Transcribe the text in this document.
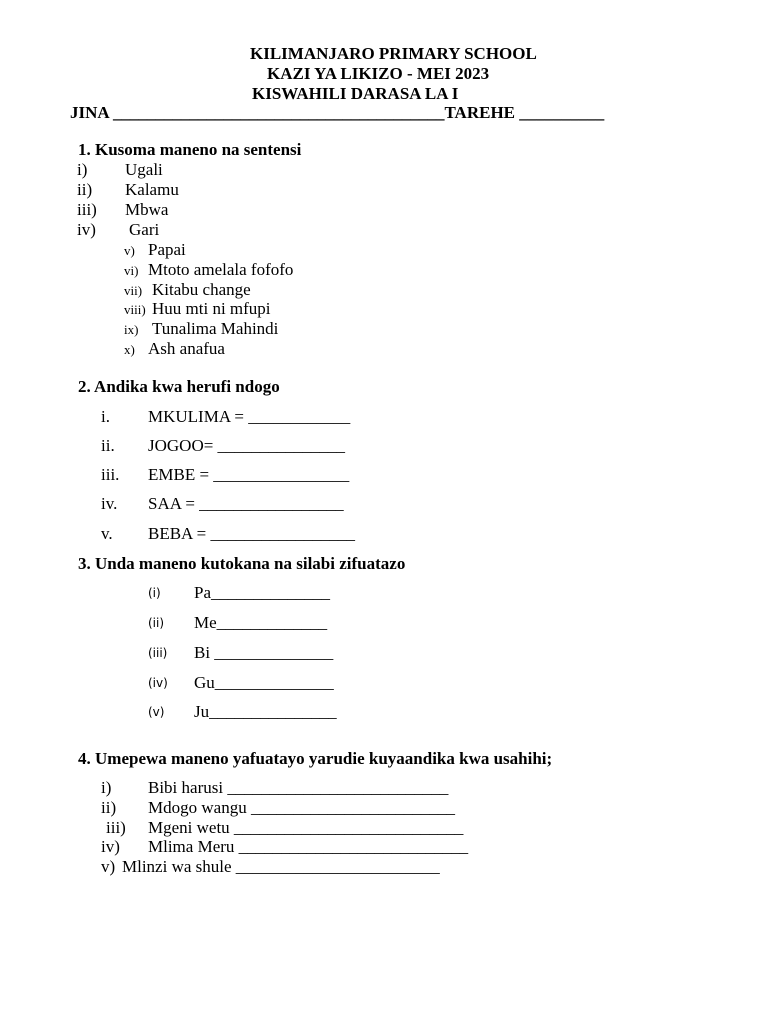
KILIMANJARO PRIMARY SCHOOL
KAZI YA LIKIZO - MEI 2023
KISWAHILI DARASA LA I
JINA _______________________________________TAREHE __________
1. Kusoma maneno na sentensi
i) Ugali
ii) Kalamu
iii) Mbwa
iv) Gari
v) Papai
vi) Mtoto amelala fofofo
vii) Kitabu change
viii) Huu mti ni mfupi
ix) Tunalima Mahindi
x) Ash anafua
2. Andika kwa herufi ndogo
i. MKULIMA = ____________
ii. JOGOO= _______________
iii. EMBE = ________________
iv. SAA = _________________
v. BEBA = _________________
3. Unda maneno kutokana na silabi zifuatazo
(i) Pa______________
(ii) Me_____________
(iii) Bi ______________
(iv) Gu______________
(v) Ju_______________
4. Umepewa maneno yafuatayo yarudie kuyaandika kwa usahihi;
i) Bibi harusi __________________________
ii) Mdogo wangu ________________________
iii) Mgeni wetu ___________________________
iv) Mlima Meru ___________________________
v) Mlinzi wa shule ________________________
